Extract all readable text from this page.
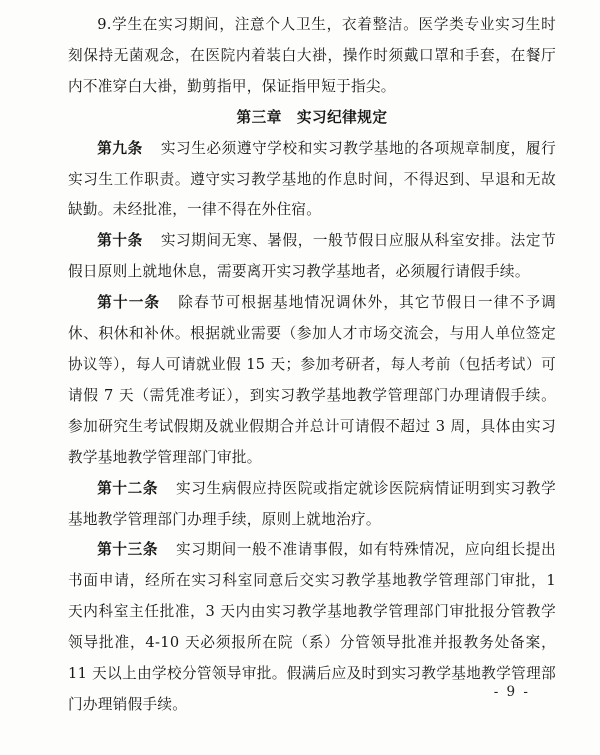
9.学生在实习期间，注意个人卫生，衣着整洁。医学类专业实习生时刻保持无菌观念，在医院内着装白大褂，操作时须戴口罩和手套，在餐厅内不准穿白大褂，勤剪指甲，保证指甲短于指尖。

第三章　实习纪律规定

第九条 实习生必须遵守学校和实习教学基地的各项规章制度，履行实习生工作职责。遵守实习教学基地的作息时间，不得迟到、早退和无故缺勤。未经批准，一律不得在外住宿。

第十条 实习期间无寒、暑假，一般节假日应服从科室安排。法定节假日原则上就地休息，需要离开实习教学基地者，必须履行请假手续。

第十一条 除春节可根据基地情况调休外，其它节假日一律不予调休、积休和补休。根据就业需要（参加人才市场交流会，与用人单位签定协议等），每人可请就业假 15 天；参加考研者，每人考前（包括考试）可请假 7 天（需凭准考证），到实习教学基地教学管理部门办理请假手续。参加研究生考试假期及就业假期合并总计可请假不超过 3 周，具体由实习教学基地教学管理部门审批。

第十二条 实习生病假应持医院或指定就诊医院病情证明到实习教学基地教学管理部门办理手续，原则上就地治疗。

第十三条 实习期间一般不准请事假，如有特殊情况，应向组长提出书面申请，经所在实习科室同意后交实习教学基地教学管理部门审批，1 天内科室主任批准，3 天内由实习教学基地教学管理部门审批报分管教学领导批准，4-10 天必须报所在院（系）分管领导批准并报教务处备案，11 天以上由学校分管领导审批。假满后应及时到实习教学基地教学管理部门办理销假手续。

- 9 -
